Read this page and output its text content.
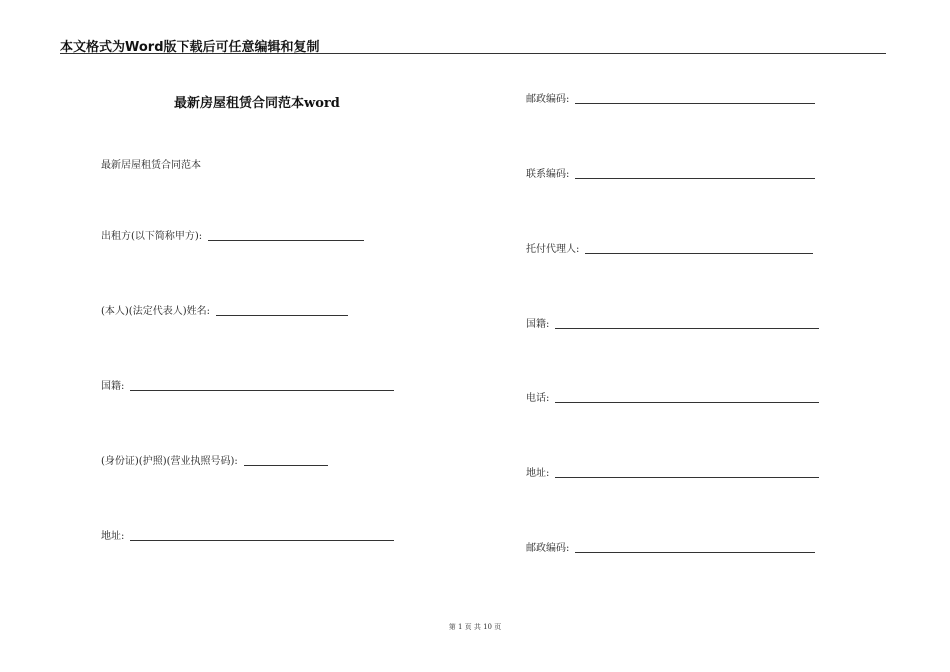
本文格式为Word版下载后可任意编辑和复制
最新房屋租赁合同范本word
最新居屋租赁合同范本
出租方(以下简称甲方):
(本人)(法定代表人)姓名:
国籍:
(身份证)(护照)(营业执照号码):
地址:
邮政编码:
联系编码:
托付代理人:
国籍:
电话:
地址:
邮政编码:
第 1 页 共 10 页
